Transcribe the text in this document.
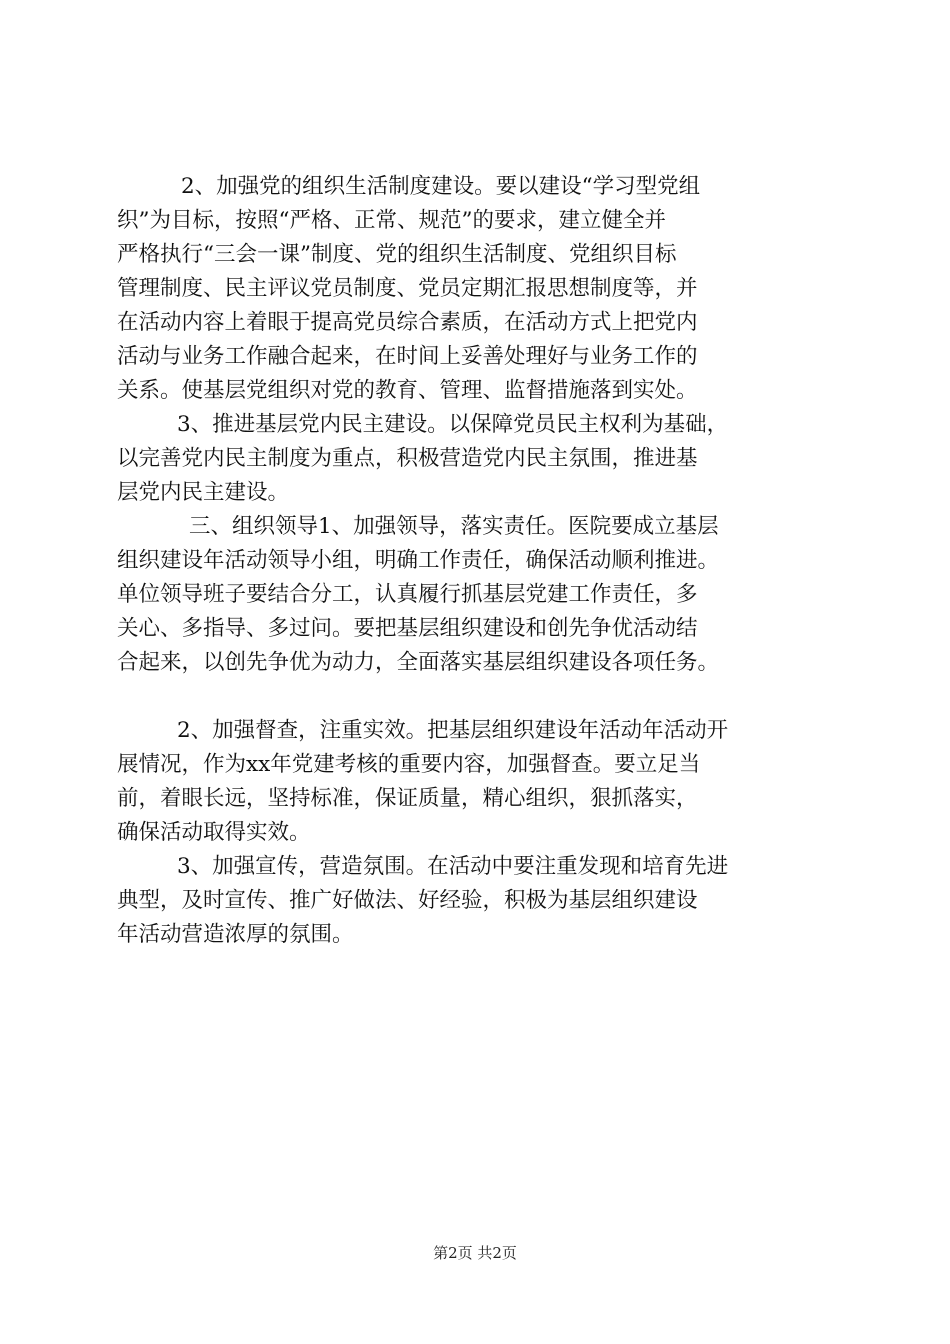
2、加强党的组织生活制度建设。要以建设“学习型党组
织”为目标，按照“严格、正常、规范”的要求，建立健全并
严格执行“三会一课”制度、党的组织生活制度、党组织目标
管理制度、民主评议党员制度、党员定期汇报思想制度等，并
在活动内容上着眼于提高党员综合素质，在活动方式上把党内
活动与业务工作融合起来，在时间上妥善处理好与业务工作的
关系。使基层党组织对党的教育、管理、监督措施落到实处。
3、推进基层党内民主建设。以保障党员民主权利为基础，
以完善党内民主制度为重点，积极营造党内民主氛围，推进基
层党内民主建设。
三、组织领导1、加强领导，落实责任。医院要成立基层
组织建设年活动领导小组，明确工作责任，确保活动顺利推进。
单位领导班子要结合分工，认真履行抓基层党建工作责任，多
关心、多指导、多过问。要把基层组织建设和创先争优活动结
合起来，以创先争优为动力，全面落实基层组织建设各项任务。
2、加强督查，注重实效。把基层组织建设年活动年活动开
展情况，作为xx年党建考核的重要内容，加强督查。要立足当
前，着眼长远，坚持标准，保证质量，精心组织，狠抓落实，
确保活动取得实效。
3、加强宣传，营造氛围。在活动中要注重发现和培育先进
典型，及时宣传、推广好做法、好经验，积极为基层组织建设
年活动营造浓厚的氛围。
第2页 共2页
